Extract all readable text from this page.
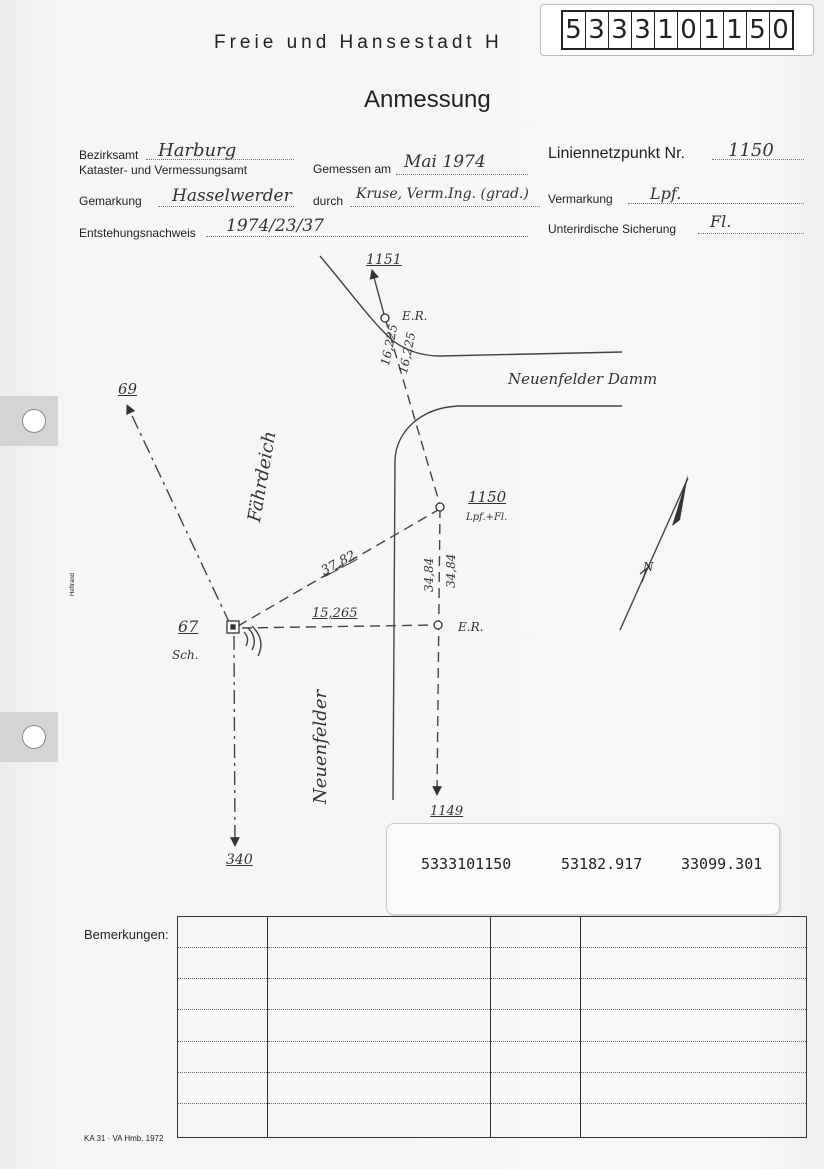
5 3 3 3 1 0 1 1 5 0
Freie und Hansestadt H
Anmessung
Bezirksamt Harburg
Kataster- und Vermessungsamt	Gemessen am Mai 1974	Liniennetzpunkt Nr. 1150
Gemarkung Hasselwerder durch Kruse, Verm.Ing. (grad.) Vermarkung Lpf.
Entstehungsnachweis 1974/23/37	Unterirdische Sicherung Fl.
1151
E.R.
16,225
16,225
Neuenfelder Damm
69
Fährdeich	1150
Lpf.+Fl.
37,82	34,84 34,84
15,265
E.R.
67
Sch.
Neuenfelder
1149
340
N
Heftrand
5333101150	53182.917	33099.301
Bemerkungen:

KA 31 · VA Hmb. 1972
